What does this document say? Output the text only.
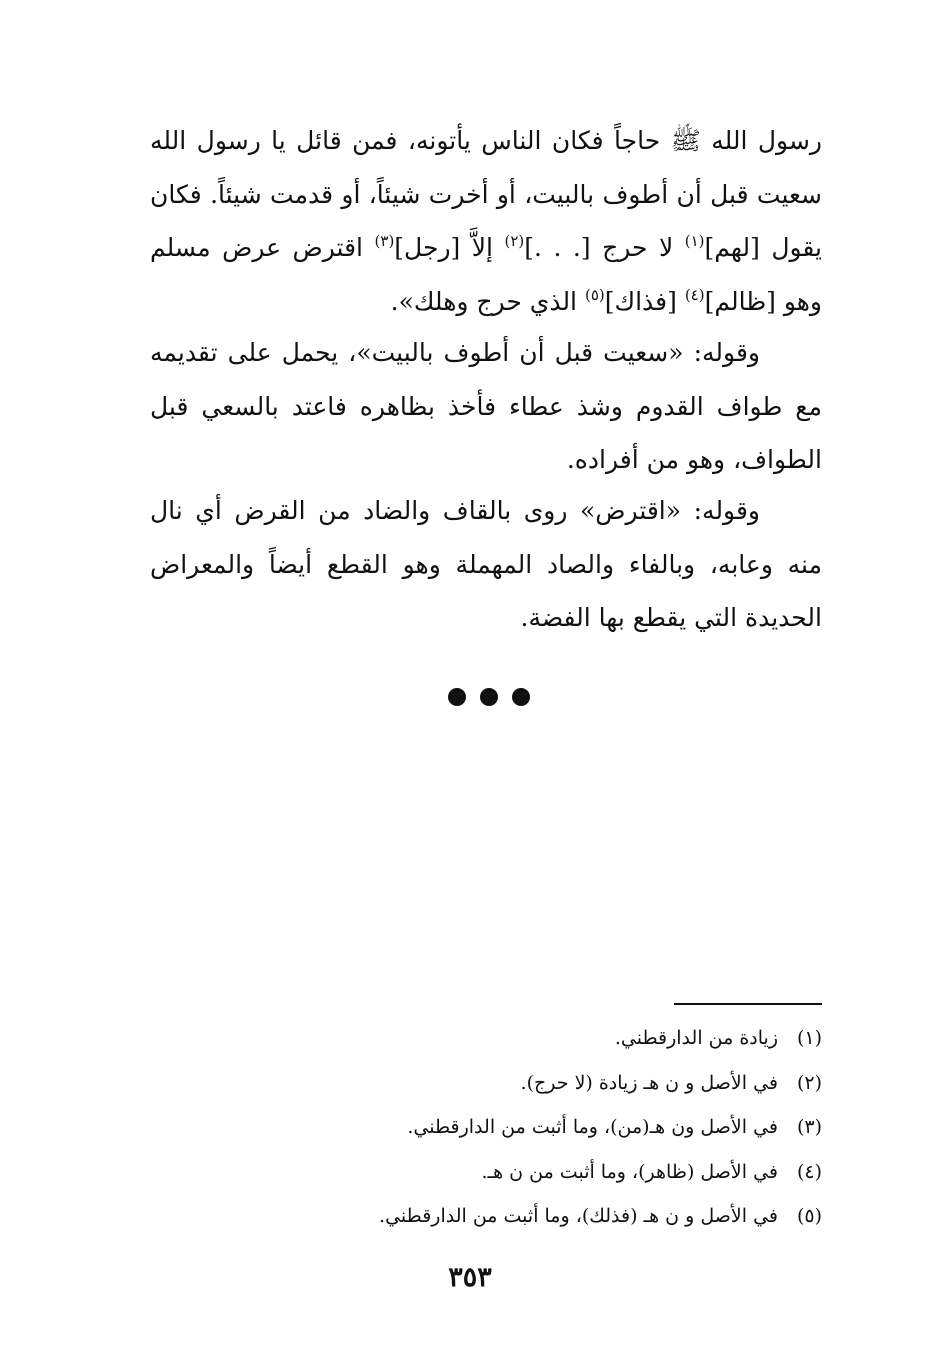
رسول الله ﷺ حاجاً فكان الناس يأتونه، فمن قائل يا رسول الله سعيت قبل أن أطوف بالبيت، أو أخرت شيئاً، أو قدمت شيئاً. فكان يقول [لهم]$^{(١)}$ لا حرج [. . .]$^{(٢)}$ إلاَّ [رجل]$^{(٣)}$ اقترض عرض مسلم وهو [ظالم]$^{(٤)}$ [فذاك]$^{(٥)}$ الذي حرج وهلك».

وقوله: «سعيت قبل أن أطوف بالبيت»، يحمل على تقديمه مع طواف القدوم وشذ عطاء فأخذ بظاهره فاعتد بالسعي قبل الطواف، وهو من أفراده.

وقوله: «اقترض» روى بالقاف والضاد من القرض أي نال منه وعابه، وبالفاء والصاد المهملة وهو القطع أيضاً والمعراض الحديدة التي يقطع بها الفضة.

(١)زيادة من الدارقطني.
(٢)في الأصل و ن هـ زيادة (لا حرج).
(٣)في الأصل ون هـ(من)، وما أثبت من الدارقطني.
(٤)في الأصل (ظاهر)، وما أثبت من ن هـ.
(٥)في الأصل و ن هـ (فذلك)، وما أثبت من الدارقطني.
٣٥٣
